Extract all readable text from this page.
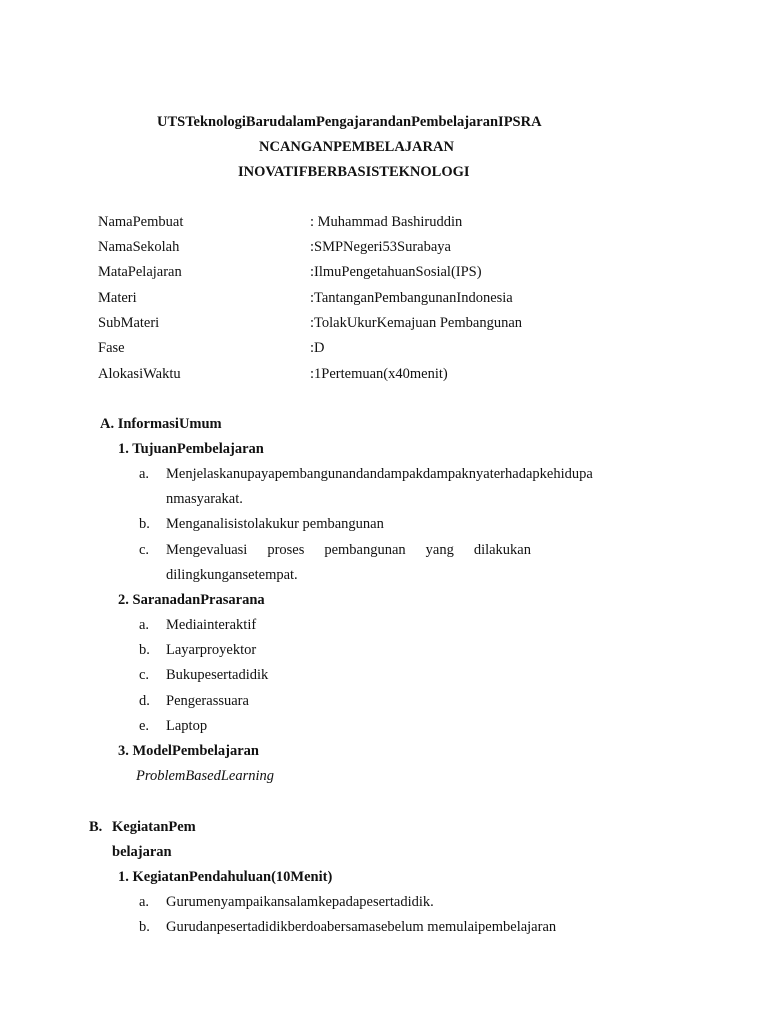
UTSTeknologiBarudalamPengajarandanPembelajaranIPSRA
NCANGANPEMBELAJARAN
INOVATIFBERBASISTEKNOLOGI
NamaPembuat	: Muhammad Bashiruddin
NamaSekolah	:SMPNegeri53Surabaya
MataPelajaran	:IlmuPengetahuanSosial(IPS)
Materi	:TantanganPembangunanIndonesia
SubMateri	:TolakUkurKemajuan Pembangunan
Fase	:D
AlokasiWaktu	:1Pertemuan(x40menit)
A. InformasiUmum
1. TujuanPembelajaran
a. Menjelaskanupayapembangunandandampakdampaknyaterhadapkehidupa
nmasyarakat.
b. Menganalisistolakukur pembangunan
c. Mengevaluasi proses pembangunan yang dilakukan
dilingkungansetempat.
2. SaranadanPrasarana
a. Mediainteraktif
b. Layarproyektor
c. Bukupesertadidik
d. Pengerassuara
e. Laptop
3. ModelPembelajaran
ProblemBasedLearning
B. KegiatanPem
belajaran
1. KegiatanPendahuluan(10Menit)
a. Gurumenyampaikansalamkepadapesertadidik.
b. Gurudanpesertadidikberdoabersamasebelum memulaipembelajaran
